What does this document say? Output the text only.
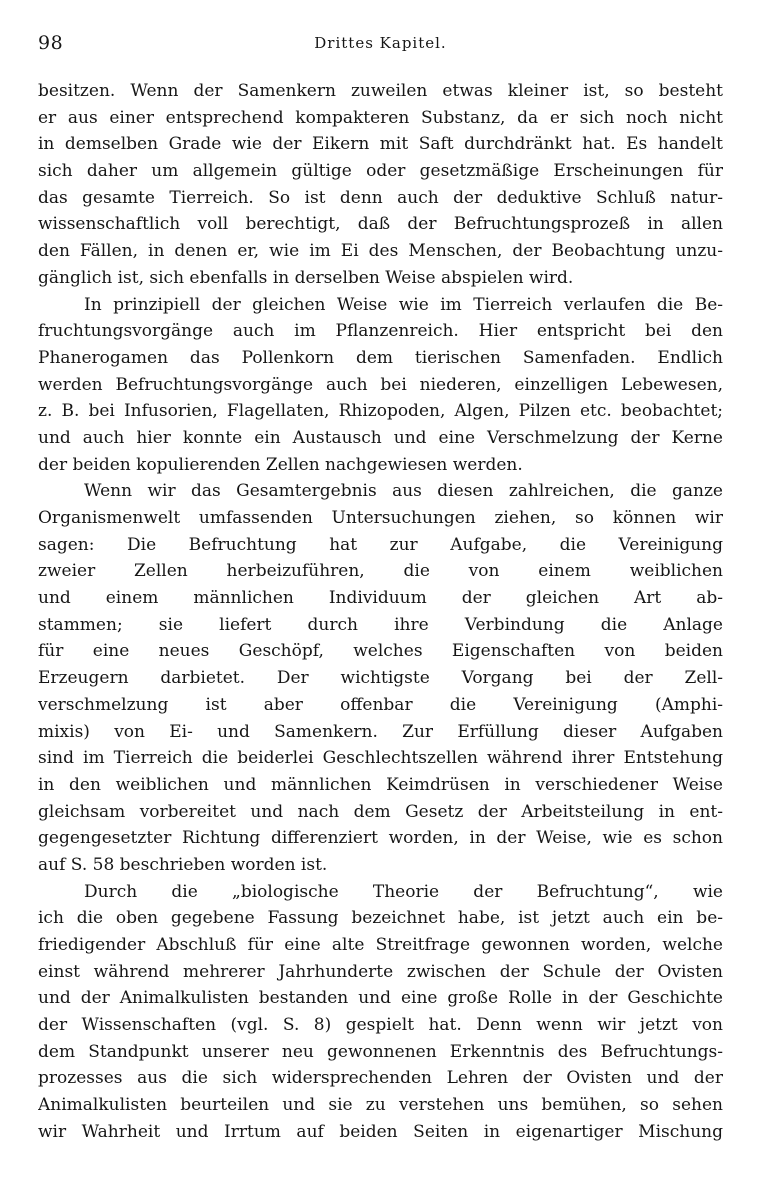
98	Drittes Kapitel.

besitzen. Wenn der Samenkern zuweilen etwas kleiner ist, so besteht
er aus einer entsprechend kompakteren Substanz, da er sich noch nicht
in demselben Grade wie der Eikern mit Saft durchdränkt hat. Es handelt
sich daher um allgemein gültige oder gesetzmäßige Erscheinungen für
das gesamte Tierreich. So ist denn auch der deduktive Schluß natur-
wissenschaftlich voll berechtigt, daß der Befruchtungsprozeß in allen
den Fällen, in denen er, wie im Ei des Menschen, der Beobachtung unzu-
gänglich ist, sich ebenfalls in derselben Weise abspielen wird.

In prinzipiell der gleichen Weise wie im Tierreich verlaufen die Be-
fruchtungsvorgänge auch im Pflanzenreich. Hier entspricht bei den
Phanerogamen das Pollenkorn dem tierischen Samenfaden. Endlich
werden Befruchtungsvorgänge auch bei niederen, einzelligen Lebewesen,
z. B. bei Infusorien, Flagellaten, Rhizopoden, Algen, Pilzen etc. beobachtet;
und auch hier konnte ein Austausch und eine Verschmelzung der Kerne
der beiden kopulierenden Zellen nachgewiesen werden.

Wenn wir das Gesamtergebnis aus diesen zahlreichen, die ganze
Organismenwelt umfassenden Untersuchungen ziehen, so können wir
sagen: Die Befruchtung hat zur Aufgabe, die Vereinigung
zweier Zellen herbeizuführen, die von einem weiblichen
und einem männlichen Individuum der gleichen Art ab-
stammen; sie liefert durch ihre Verbindung die Anlage
für eine neues Geschöpf, welches Eigenschaften von beiden
Erzeugern darbietet. Der wichtigste Vorgang bei der Zell-
verschmelzung ist aber offenbar die Vereinigung (Amphi-
mixis) von Ei- und Samenkern. Zur Erfüllung dieser Aufgaben
sind im Tierreich die beiderlei Geschlechtszellen während ihrer Entstehung
in den weiblichen und männlichen Keimdrüsen in verschiedener Weise
gleichsam vorbereitet und nach dem Gesetz der Arbeitsteilung in ent-
gegengesetzter Richtung differenziert worden, in der Weise, wie es schon
auf S. 58 beschrieben worden ist.

Durch die „biologische Theorie der Befruchtung“, wie
ich die oben gegebene Fassung bezeichnet habe, ist jetzt auch ein be-
friedigender Abschluß für eine alte Streitfrage gewonnen worden, welche
einst während mehrerer Jahrhunderte zwischen der Schule der Ovisten
und der Animalkulisten bestanden und eine große Rolle in der Geschichte
der Wissenschaften (vgl. S. 8) gespielt hat. Denn wenn wir jetzt von
dem Standpunkt unserer neu gewonnenen Erkenntnis des Befruchtungs-
prozesses aus die sich widersprechenden Lehren der Ovisten und der
Animalkulisten beurteilen und sie zu verstehen uns bemühen, so sehen
wir Wahrheit und Irrtum auf beiden Seiten in eigenartiger Mischung
